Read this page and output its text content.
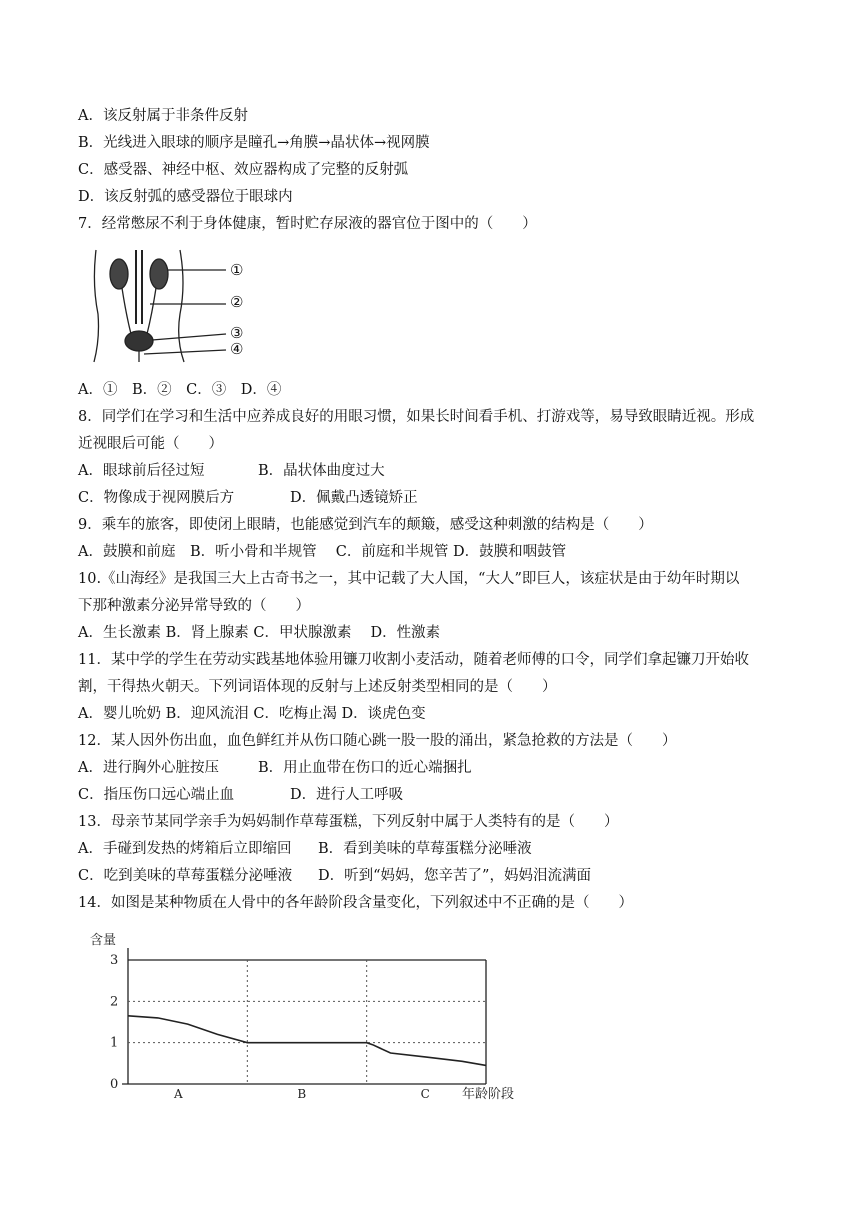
A．该反射属于非条件反射
B．光线进入眼球的顺序是瞳孔→角膜→晶状体→视网膜
C．感受器、神经中枢、效应器构成了完整的反射弧
D．该反射弧的感受器位于眼球内
7．经常憋尿不利于身体健康，暂时贮存尿液的器官位于图中的（　　）
①
②
③
④
A．①　B．②　C．③　D．④
8．同学们在学习和生活中应养成良好的用眼习惯，如果长时间看手机、打游戏等，易导致眼睛近视。形成
近视眼后可能（　　）
A．眼球前后径过短	B．晶状体曲度过大
C．物像成于视网膜后方	D．佩戴凸透镜矫正
9．乘车的旅客，即使闭上眼睛，也能感觉到汽车的颠簸，感受这种刺激的结构是（　　）
A．鼓膜和前庭　B．听小骨和半规管　 C．前庭和半规管 D．鼓膜和咽鼓管
10.《山海经》是我国三大上古奇书之一，其中记载了大人国，“大人”即巨人，该症状是由于幼年时期以
下那种激素分泌异常导致的（　　）
A．生长激素 B．肾上腺素 C．甲状腺激素　 D．性激素
11．某中学的学生在劳动实践基地体验用镰刀收割小麦活动，随着老师傅的口令，同学们拿起镰刀开始收
割，干得热火朝天。下列词语体现的反射与上述反射类型相同的是（　　）
A．婴儿吮奶 B．迎风流泪 C．吃梅止渴 D．谈虎色变
12．某人因外伤出血，血色鲜红并从伤口随心跳一股一股的涌出，紧急抢救的方法是（　　）
A．进行胸外心脏按压	B．用止血带在伤口的近心端捆扎
C．指压伤口远心端止血	D．进行人工呼吸
13．母亲节某同学亲手为妈妈制作草莓蛋糕，下列反射中属于人类特有的是（　　）
A．手碰到发热的烤箱后立即缩回 B．看到美味的草莓蛋糕分泌唾液
C．吃到美味的草莓蛋糕分泌唾液 D．听到“妈妈，您辛苦了”，妈妈泪流满面
14．如图是某种物质在人骨中的各年龄阶段含量变化，下列叙述中不正确的是（　　）
含量
年龄阶段
0
1
2
3
A	B	C
